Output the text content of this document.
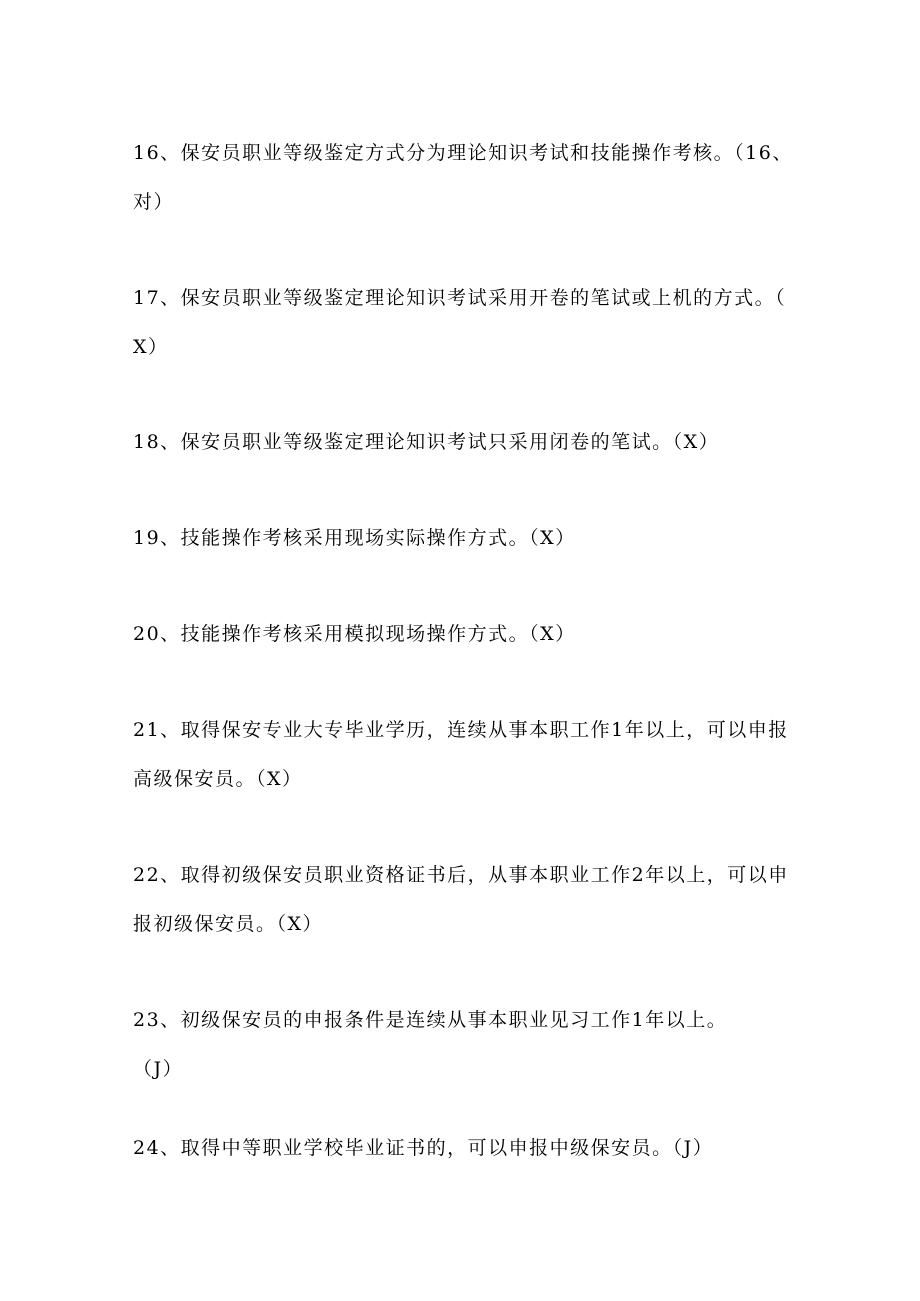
16、保安员职业等级鉴定方式分为理论知识考试和技能操作考核。（16、
对）
17、保安员职业等级鉴定理论知识考试采用开卷的笔试或上机的方式。（
X）
18、保安员职业等级鉴定理论知识考试只采用闭卷的笔试。（X）
19、技能操作考核采用现场实际操作方式。（X）
20、技能操作考核采用模拟现场操作方式。（X）
21、取得保安专业大专毕业学历，连续从事本职工作1年以上，可以申报
高级保安员。（X）
22、取得初级保安员职业资格证书后，从事本职业工作2年以上，可以申
报初级保安员。（X）
23、初级保安员的申报条件是连续从事本职业见习工作1年以上。
（J）
24、取得中等职业学校毕业证书的，可以申报中级保安员。（J）
